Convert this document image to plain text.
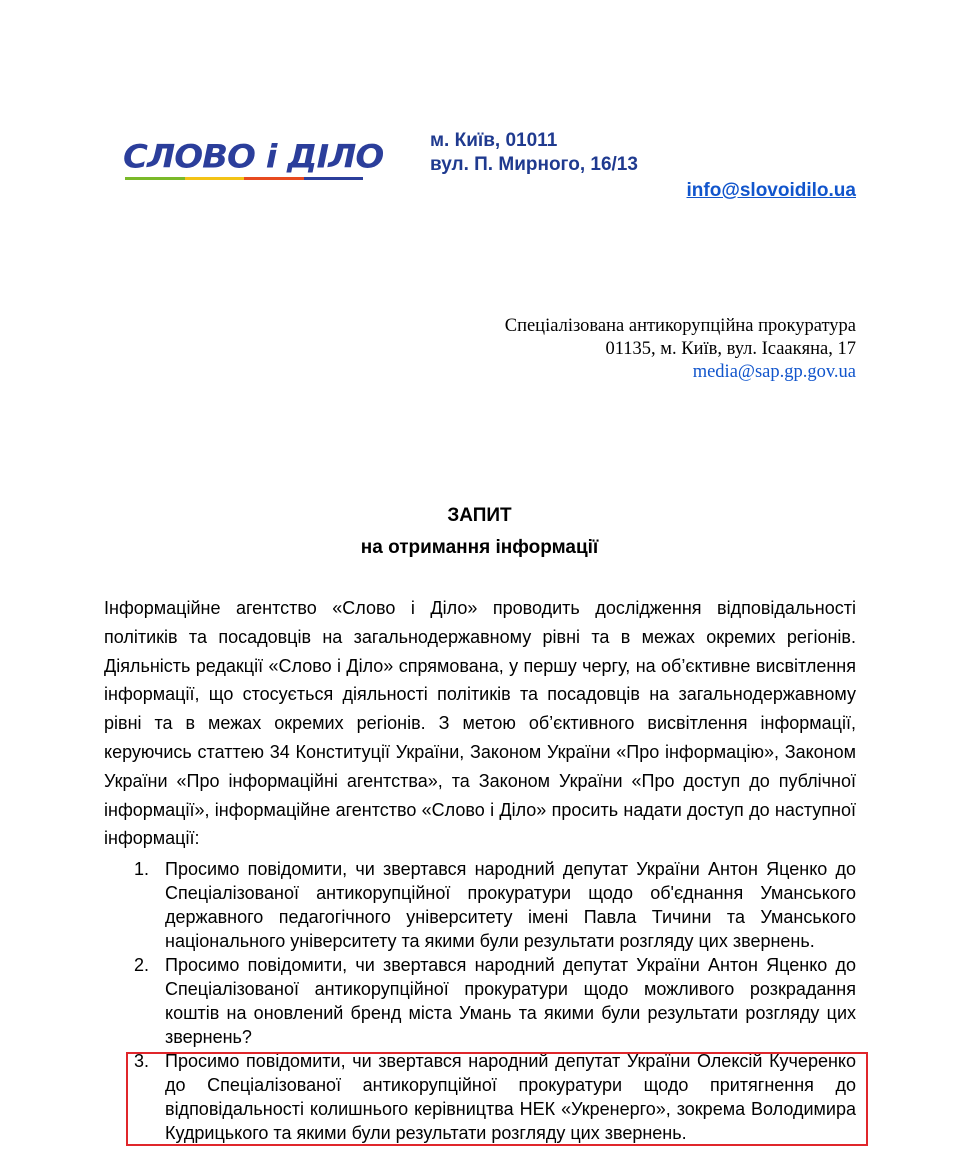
СЛОВО і ДІЛО м. Київ, 01011
вул. П. Мирного, 16/13
info@slovoidilo.ua
Спеціалізована антикорупційна прокуратура
01135, м. Київ, вул. Ісаакяна, 17
media@sap.gp.gov.ua
ЗАПИТ
на отримання інформації

Інформаційне агентство «Слово і Діло» проводить дослідження відповідальності політиків та посадовців на загальнодержавному рівні та в межах окремих регіонів. Діяльність редакції «Слово і Діло» спрямована, у першу чергу, на об’єктивне висвітлення інформації, що стосується діяльності політиків та посадовців на загальнодержавному рівні та в межах окремих регіонів. З метою об’єктивного висвітлення інформації, керуючись статтею 34 Конституції України, Законом України «Про інформацію», Законом України «Про інформаційні агентства», та Законом України «Про доступ до публічної інформації», інформаційне агентство «Слово і Діло» просить надати доступ до наступної інформації:

1. Просимо повідомити, чи звертався народний депутат України Антон Яценко до Спеціалізованої антикорупційної прокуратури щодо об'єднання Уманського державного педагогічного університету імені Павла Тичини та Уманського національного університету та якими були результати розгляду цих звернень.
2. Просимо повідомити, чи звертався народний депутат України Антон Яценко до Спеціалізованої антикорупційної прокуратури щодо можливого розкрадання коштів на оновлений бренд міста Умань та якими були результати розгляду цих звернень?
3. Просимо повідомити, чи звертався народний депутат України Олексій Кучеренко до Спеціалізованої антикорупційної прокуратури щодо притягнення до відповідальності колишнього керівництва НЕК «Укренерго», зокрема Володимира Кудрицького та якими були результати розгляду цих звернень.
